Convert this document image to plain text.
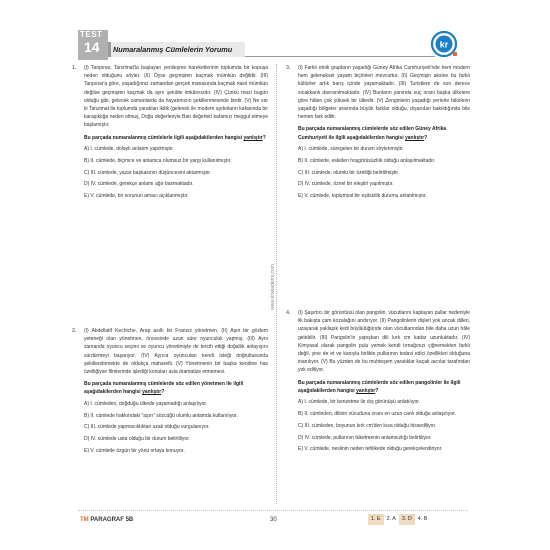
TEST
14 Numaralanmış Cümlelerin Yorumu	kr
www.krakademi.com
1. (I) Tanpınar, Tanzimat'la başlayan yenileşme hareketlerinin toplumda bir kopuşa neden olduğunu söyler. (II) Öyse geçmişten kaçmak mümkün değildir. (III) Tanpınar'a göre, yaşadığımız zamandan gerçek manasında kaçmak nasıl mümkün değilse geçmişten kaçmak da aynı şekilde imkânsızdır. (IV) Çünkü mazi bugün olduğu gibi, gelecek zamanlarda da hayatımızın şekillenmesinde birdir. (V) Ne var ki Tanzimat ile toplumda yaratılan ikilik (gelenek ile modern aydınların kafasında bir karaşıklığa neden olmuş, Doğu değerleriyle Batı değerleri kafamızı meşgul etmeye başlamıştır.
Bu parçada numaralanmış cümlelerle ilgili aşağıdakilerden hangisi yanlıştır?
A) I. cümlede, dolaylı anlatım yapılmıştır.
B) II. cümlede, biçimce ve anlamca olumsuz bir yargı kullanılmıştır.
C) III. cümlede, yazar başkasının düşüncesini aktarmıştır.
D) IV. cümlede, gerekçe anlamı ağır basmaktadır.
E) V. cümlede, bir sorunun amacı açıklanmıştır.
2. (I) Abdellatif Kechiche, Arap asıllı bir Fransız yönetmen. (II) Aşın bir gözlem yeteneği olan yönetmen, öncesinde uzun süre oyunculuk yapmış. (III) Aynı zamanda oyuncu seçimi ve oyuncu yönetimiyle de tercih ettiği doğallık anlayışını sürdürmeyi başarıyor. (IV) Ayrıca oyuncuları kendi isteği doğrultusunda şekillendirmekte de oldukça maharetli. (V) Yönetmenin bir başka kendine has özelliğiyse filmlerinde işlediği konuları asla dramatize etmemesi.
Bu parçada numaralanmış cümlelerde söz edilen yönetmen ile ilgili aşağıdakilerden hangisi yanlıştır?
A) I. cümleden, doğduğu ülkede yaşamadığı anlaşılıyor.
B) II. cümlede hakkındaki "aşırı" sözcüğü olumlu anlamda kullanılıyor.
C) III. cümlede yapmacıklıktan uzak olduğu vurgulanıyor.
D) IV. cümlede usta olduğu bir durum belirtiliyor.
E) V. cümlede özgün bir yönü ortaya konuyor.
3. (I) Farklı etnik grupların yaşadığı Güney Afrika Cumhuriyeti'nde hem modern hem geleneksel yaşam biçimleri mevcuttur. (II) Geçmişin aksine bu farklı kültürler artık barış içinde yaşamaktadır. (III) Turistlere de son derece sıcakkanlı davranılmaktadır. (IV) Bunların yanında suç oranı başka ülkelere göre hâlen çok yüksek bir ülkedir. (V) Zenginlerin yaşadığı yerlerle fakirlerin yaşadığı bölgeler arasında büyük farklar olduğu, dışarıdan bakıldığında bile hemen fark edilir.
Bu parçada numaralanmış cümlelerde söz edilen Güney Afrika Cumhuriyeti ile ilgili aşağıdakilerden hangisi yanlıştır?
A) I. cümlede, süregelen bir durum söylenmiştir.
B) II. cümlede, eskiden hoşgörüsüzlük olduğu anlaşılmaktadır.
C) III. cümlede, olumlu bir özelliği belirtilmiştir.
D) IV. cümlede, öznel bir eleştiri yapılmıştır.
E) V. cümlede, toplumsal bir eşitsizlik durumu anlatılmıştır.
4. (I) Şaşırtıcı bir görüntüsü olan pangolin, vücutlarını kaplayan pullar nedeniyle ilk bakışta çam kozalağını andırıyor. (II) Pangolinlerin dişleri yok ancak dilleri, uzayarak yaklaşık kedi büyüklüğünde olan vücutlarından bile daha uzun hâle gelebilir. (III) Pangolin'in yapışkan dili kırk cm kadar uzunluktadır. (IV) Kimyasal olarak pangolin pulu yemek kendi tırnağınızı çiğnemekten farklı değil, yine de et ve kanıyla birlikte pullarının tedavi edici özellikleri olduğuna inanılıyor. (V) Bu yüzden de bu muhteşem yaratıklar kaçak avcılar tarafından yok ediliyor.
Bu parçada numaralanmış cümlelerde söz edilen pangolinler ile ilgili aşağıdakilerden hangisi yanlıştır?
A) I. cümlede, bir benzetme ile dış görünüşü anlatılıyor.
B) II. cümleden, dilinin vücuduna oranı en uzun canlı olduğu anlaşılıyor.
C) III. cümleden, boyunun kırk cm'den kısa olduğu hissediliyor.
D) IV. cümlede, pullarının tüketmenin anlamsızlığı belirtiliyor.
E) V. cümlede, neslinin neden tehlikede olduğu gerekçelendiriyor.
TM PARAGRAF 5B	30	1. E	2. A	3. D	4. B
